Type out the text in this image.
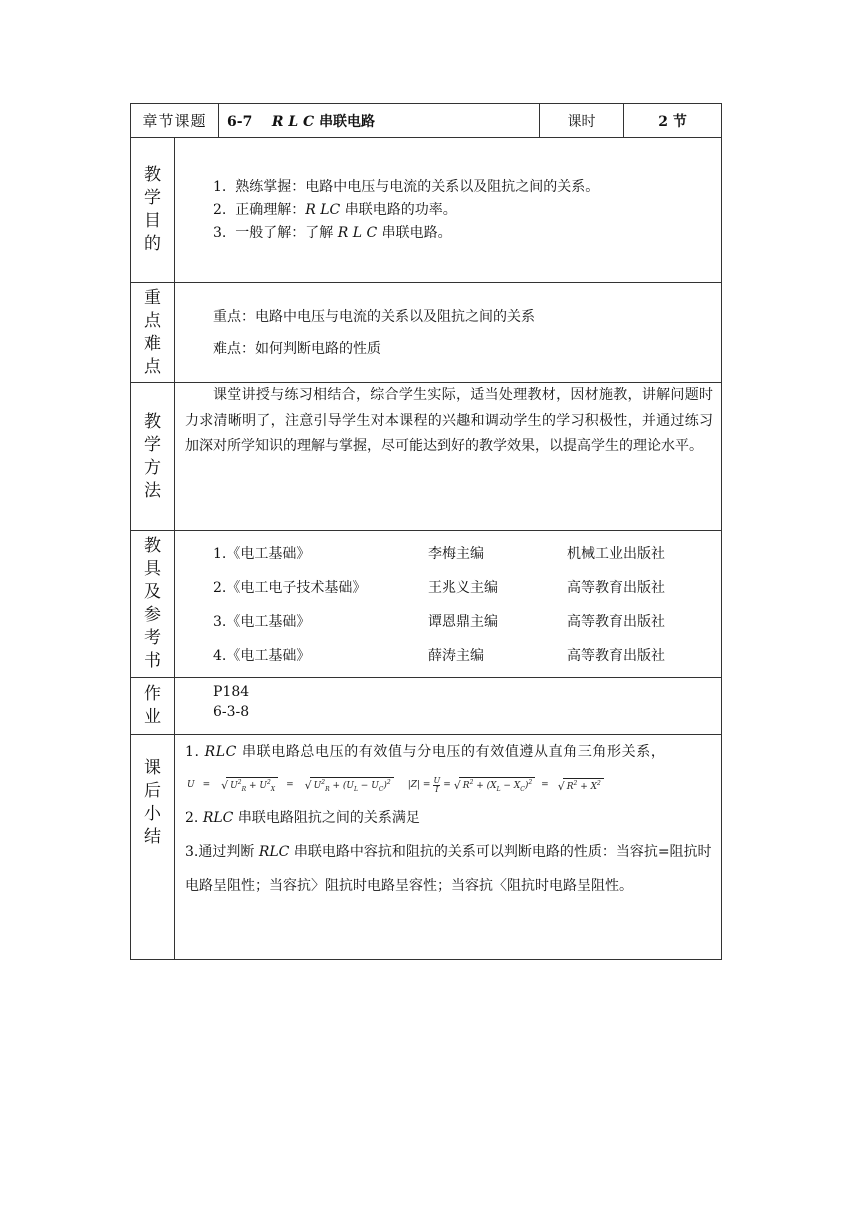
章节课题	6-7 R L C 串联电路	课时	2 节

教
学
目
的

1. 熟练掌握：电路中电压与电流的关系以及阻抗之间的关系。
2. 正确理解：R LC 串联电路的功率。
3. 一般了解：了解 R L C 串联电路。

重
点
难
点

重点：电路中电压与电流的关系以及阻抗之间的关系
难点：如何判断电路的性质

教
学
方
法

课堂讲授与练习相结合，综合学生实际，适当处理教材，因材施教，讲解问题时力求清晰明了，注意引导学生对本课程的兴趣和调动学生的学习积极性，并通过练习加深对所学知识的理解与掌握，尽可能达到好的教学效果，以提高学生的理论水平。

教
具
及
参
考
书

1.《电工基础》	李梅主编	机械工业出版社
2.《电工电子技术基础》	王兆义主编	高等教育出版社
3.《电工基础》	谭恩鼎主编	高等教育出版社
4.《电工基础》	薛涛主编	高等教育出版社

作
业

P184
6-3-8

课
后
小
结

1. RLC 串联电路总电压的有效值与分电压的有效值遵从直角三角形关系，
U =	√ $U^2_R + U^2_X$	=	√ $U^2_R + (U_L - U_C)^2$	$|Z| = \frac{U}{I}$ =	√ $R^2 + (X_L - X_C)^2$	=	√ $R^2 + X^2$
2. RLC 串联电路阻抗之间的关系满足
3.通过判断 RLC 串联电路中容抗和阻抗的关系可以判断电路的性质：当容抗=阻抗时电路呈阻性；当容抗〉阻抗时电路呈容性；当容抗〈阻抗时电路呈阻性。
